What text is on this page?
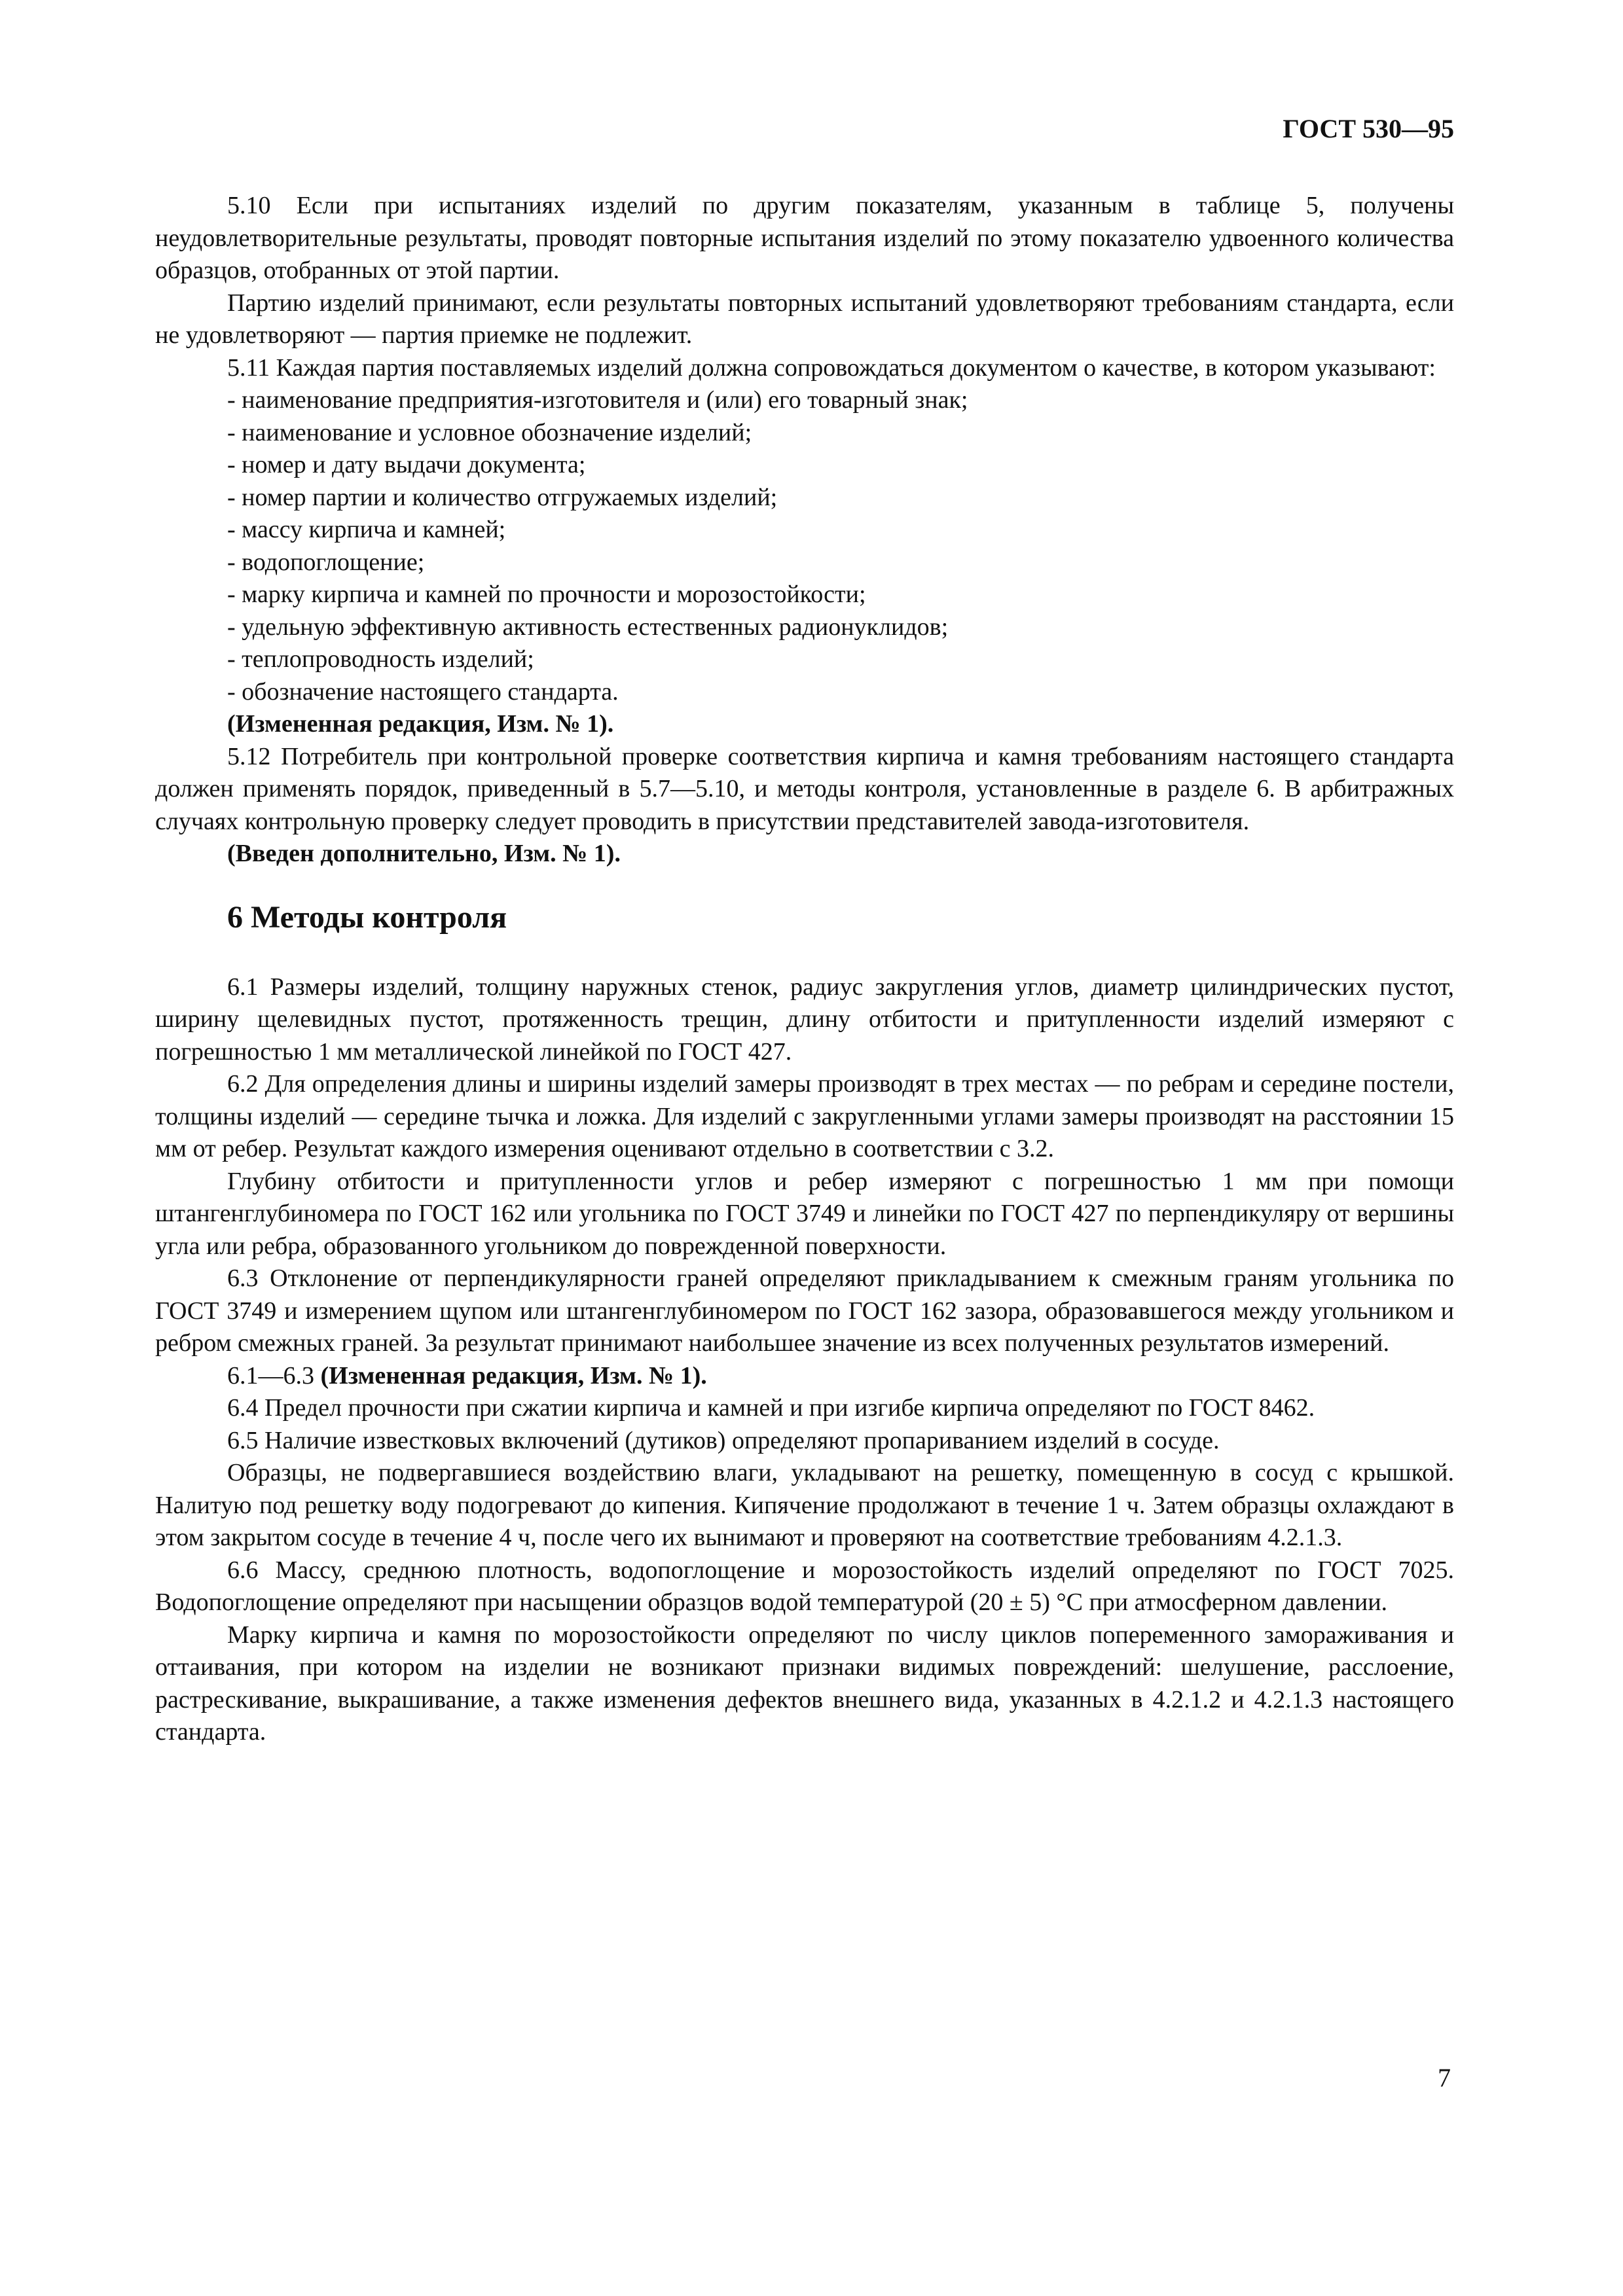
ГОСТ 530—95

5.10 Если при испытаниях изделий по другим показателям, указанным в таблице 5, получены неудовлетворительные результаты, проводят повторные испытания изделий по этому показателю удвоенного количества образцов, отобранных от этой партии.

Партию изделий принимают, если результаты повторных испытаний удовлетворяют требованиям стандарта, если не удовлетворяют — партия приемке не подлежит.

5.11 Каждая партия поставляемых изделий должна сопровождаться документом о качестве, в котором указывают:

- наименование предприятия-изготовителя и (или) его товарный знак;

- наименование и условное обозначение изделий;

- номер и дату выдачи документа;

- номер партии и количество отгружаемых изделий;

- массу кирпича и камней;

- водопоглощение;

- марку кирпича и камней по прочности и морозостойкости;

- удельную эффективную активность естественных радионуклидов;

- теплопроводность изделий;

- обозначение настоящего стандарта.

(Измененная редакция, Изм. № 1).

5.12 Потребитель при контрольной проверке соответствия кирпича и камня требованиям настоящего стандарта должен применять порядок, приведенный в 5.7—5.10, и методы контроля, установленные в разделе 6. В арбитражных случаях контрольную проверку следует проводить в присутствии представителей завода-изготовителя.

(Введен дополнительно, Изм. № 1).

6 Методы контроля

6.1 Размеры изделий, толщину наружных стенок, радиус закругления углов, диаметр цилиндрических пустот, ширину щелевидных пустот, протяженность трещин, длину отбитости и притупленности изделий измеряют с погрешностью 1 мм металлической линейкой по ГОСТ 427.

6.2 Для определения длины и ширины изделий замеры производят в трех местах — по ребрам и середине постели, толщины изделий — середине тычка и ложка. Для изделий с закругленными углами замеры производят на расстоянии 15 мм от ребер. Результат каждого измерения оценивают отдельно в соответствии с 3.2.

Глубину отбитости и притупленности углов и ребер измеряют с погрешностью 1 мм при помощи штангенглубиномера по ГОСТ 162 или угольника по ГОСТ 3749 и линейки по ГОСТ 427 по перпендикуляру от вершины угла или ребра, образованного угольником до поврежденной поверхности.

6.3 Отклонение от перпендикулярности граней определяют прикладыванием к смежным граням угольника по ГОСТ 3749 и измерением щупом или штангенглубиномером по ГОСТ 162 зазора, образовавшегося между угольником и ребром смежных граней. За результат принимают наибольшее значение из всех полученных результатов измерений.

6.1—6.3 (Измененная редакция, Изм. № 1).

6.4 Предел прочности при сжатии кирпича и камней и при изгибе кирпича определяют по ГОСТ 8462.

6.5 Наличие известковых включений (дутиков) определяют пропариванием изделий в сосуде.

Образцы, не подвергавшиеся воздействию влаги, укладывают на решетку, помещенную в сосуд с крышкой. Налитую под решетку воду подогревают до кипения. Кипячение продолжают в течение 1 ч. Затем образцы охлаждают в этом закрытом сосуде в течение 4 ч, после чего их вынимают и проверяют на соответствие требованиям 4.2.1.3.

6.6 Массу, среднюю плотность, водопоглощение и морозостойкость изделий определяют по ГОСТ 7025. Водопоглощение определяют при насыщении образцов водой температурой (20 ± 5) °С при атмосферном давлении.

Марку кирпича и камня по морозостойкости определяют по числу циклов попеременного замораживания и оттаивания, при котором на изделии не возникают признаки видимых повреждений: шелушение, расслоение, растрескивание, выкрашивание, а также изменения дефектов внешнего вида, указанных в 4.2.1.2 и 4.2.1.3 настоящего стандарта.

7
